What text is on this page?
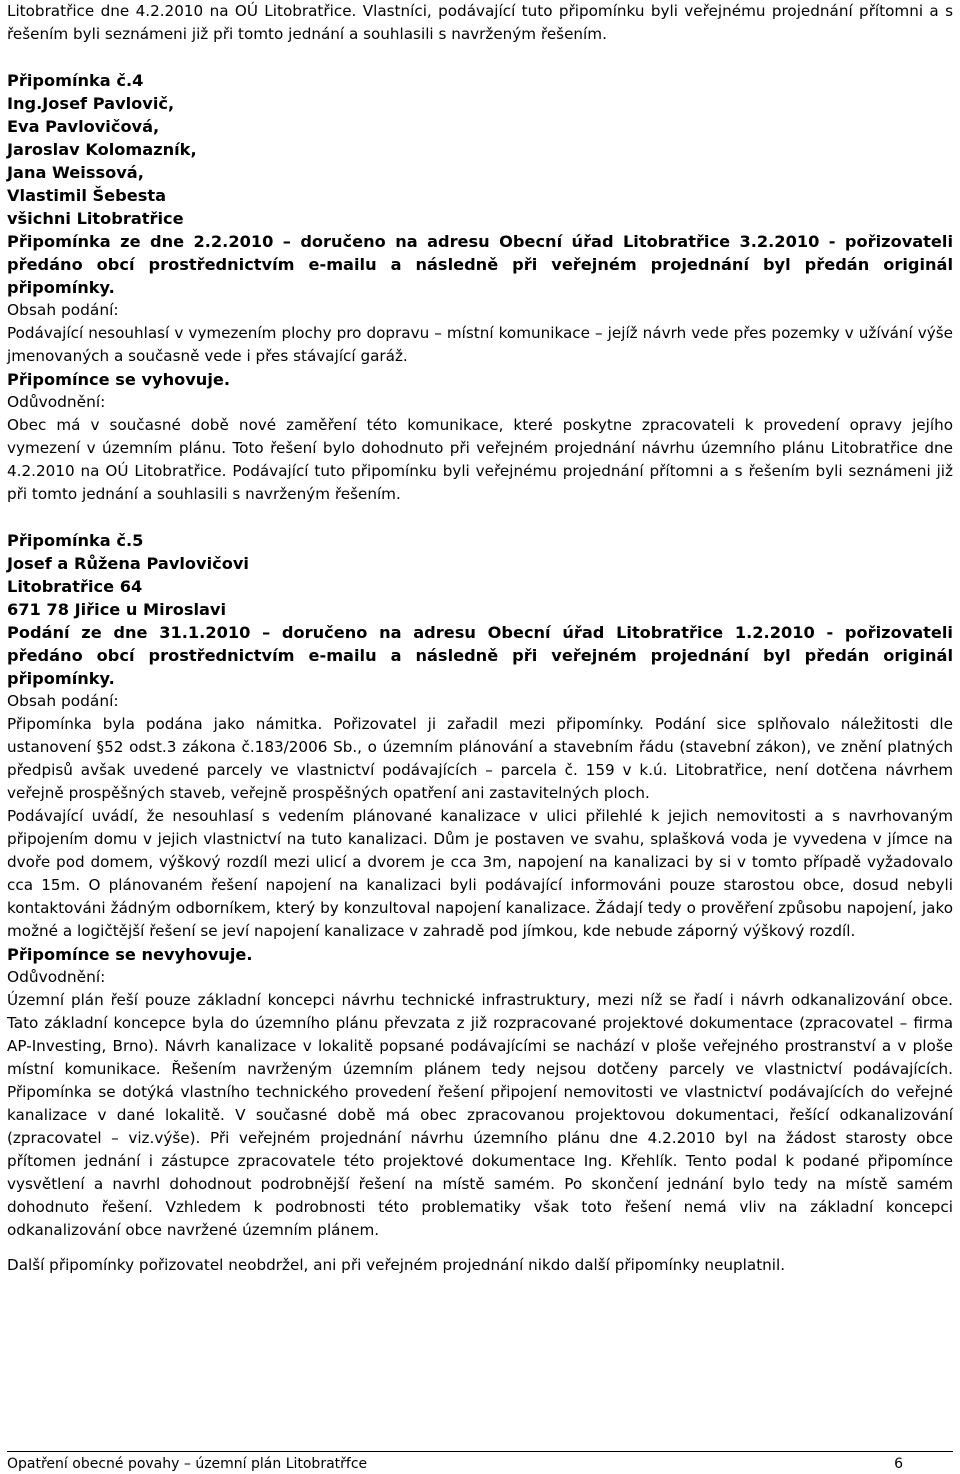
Litobratřice dne 4.2.2010 na OÚ Litobratřice. Vlastníci, podávající tuto připomínku byli veřejnému projednání přítomni a s řešením byli seznámeni již při tomto jednání a souhlasili s navrženým řešením.

Připomínka č.4

Ing.Josef Pavlovič,

Eva Pavlovičová,

Jaroslav Kolomazník,

Jana Weissová,

Vlastimil Šebesta

všichni Litobratřice

Připomínka ze dne 2.2.2010 – doručeno na adresu Obecní úřad Litobratřice 3.2.2010 - pořizovateli předáno obcí prostřednictvím e-mailu a následně při veřejném projednání byl předán originál připomínky.

Obsah podání:

Podávající nesouhlasí v vymezením plochy pro dopravu – místní komunikace – jejíž návrh vede přes pozemky v užívání výše jmenovaných a současně vede i přes stávající garáž.

Připomínce se vyhovuje.

Odůvodnění:

Obec má v současné době nové zaměření této komunikace, které poskytne zpracovateli k provedení opravy jejího vymezení v územním plánu. Toto řešení bylo dohodnuto při veřejném projednání návrhu územního plánu Litobratřice dne 4.2.2010 na OÚ Litobratřice. Podávající tuto připomínku byli veřejnému projednání přítomni a s řešením byli seznámeni již při tomto jednání a souhlasili s navrženým řešením.

Připomínka č.5

Josef a Růžena Pavlovičovi

Litobratřice 64

671 78 Jiřice u Miroslavi

Podání ze dne 31.1.2010 – doručeno na adresu Obecní úřad Litobratřice 1.2.2010 - pořizovateli předáno obcí prostřednictvím e-mailu a následně při veřejném projednání byl předán originál připomínky.

Obsah podání:

Připomínka byla podána jako námitka. Pořizovatel ji zařadil mezi připomínky. Podání sice splňovalo náležitosti dle ustanovení §52 odst.3 zákona č.183/2006 Sb., o územním plánování a stavebním řádu (stavební zákon), ve znění platných předpisů avšak uvedené parcely ve vlastnictví podávajících – parcela č. 159 v k.ú. Litobratřice, není dotčena návrhem veřejně prospěšných staveb, veřejně prospěšných opatření ani zastavitelných ploch.

Podávající uvádí, že nesouhlasí s vedením plánované kanalizace v ulici přilehlé k jejich nemovitosti a s navrhovaným připojením domu v jejich vlastnictví na tuto kanalizaci. Dům je postaven ve svahu, splašková voda je vyvedena v jímce na dvoře pod domem, výškový rozdíl mezi ulicí a dvorem je cca 3m, napojení na kanalizaci by si v tomto případě vyžadovalo cca 15m. O plánovaném řešení napojení na kanalizaci byli podávající informováni pouze starostou obce, dosud nebyli kontaktováni žádným odborníkem, který by konzultoval napojení kanalizace. Žádají tedy o prověření způsobu napojení, jako možné a logičtější řešení se jeví napojení kanalizace v zahradě pod jímkou, kde nebude záporný výškový rozdíl.

Připomínce se nevyhovuje.

Odůvodnění:

Územní plán řeší pouze základní koncepci návrhu technické infrastruktury, mezi níž se řadí i návrh odkanalizování obce. Tato základní koncepce byla do územního plánu převzata z již rozpracované projektové dokumentace (zpracovatel – firma AP-Investing, Brno). Návrh kanalizace v lokalitě popsané podávajícími se nachází v ploše veřejného prostranství a v ploše místní komunikace. Řešením navrženým územním plánem tedy nejsou dotčeny parcely ve vlastnictví podávajících. Připomínka se dotýká vlastního technického provedení řešení připojení nemovitosti ve vlastnictví podávajících do veřejné kanalizace v dané lokalitě. V současné době má obec zpracovanou projektovou dokumentaci, řešící odkanalizování (zpracovatel – viz.výše). Při veřejném projednání návrhu územního plánu dne 4.2.2010 byl na žádost starosty obce přítomen jednání i zástupce zpracovatele této projektové dokumentace Ing. Křehlík. Tento podal k podané připomínce vysvětlení a navrhl dohodnout podrobnější řešení na místě samém. Po skončení jednání bylo tedy na místě samém dohodnuto řešení. Vzhledem k podrobnosti této problematiky však toto řešení nemá vliv na základní koncepci odkanalizování obce navržené územním plánem.

Další připomínky pořizovatel neobdržel, ani při veřejném projednání nikdo další připomínky neuplatnil.

Opatření obecné povahy – územní plán Litobratřfce	6
